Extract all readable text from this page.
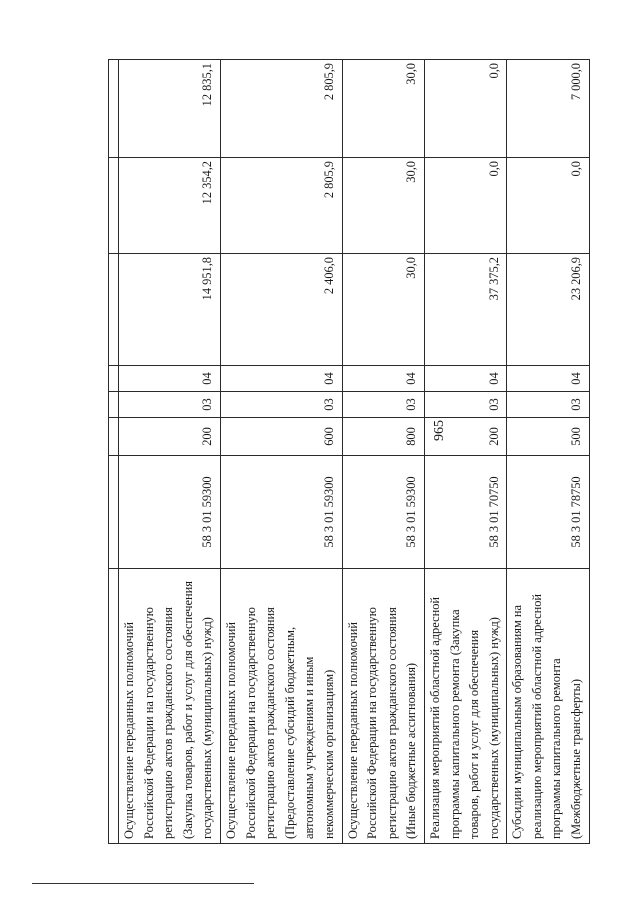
965

Осуществление переданных полномочий Российской Федерации на государственную регистрацию актов гражданского состояния (Закупка товаров, работ и услуг для обеспечения государственных (муниципальных) нужд)	58 3 01 59300	200	03	04	14 951,8	12 354,2	12 835,1
Осуществление переданных полномочий Российской Федерации на государственную регистрацию актов гражданского состояния (Предоставление субсидий бюджетным, автономным учреждениям и иным некоммерческим организациям)	58 3 01 59300	600	03	04	2 406,0	2 805,9	2 805,9
Осуществление переданных полномочий Российской Федерации на государственную регистрацию актов гражданского состояния (Иные бюджетные ассигнования)	58 3 01 59300	800	03	04	30,0	30,0	30,0
Реализация мероприятий областной адресной программы капитального ремонта (Закупка товаров, работ и услуг для обеспечения государственных (муниципальных) нужд)	58 3 01 70750	200	03	04	37 375,2	0,0	0,0
Субсидии муниципальным образованиям на реализацию мероприятий областной адресной программы капитального ремонта (Межбюджетные трансферты)	58 3 01 78750	500	03	04	23 206,9	0,0	7 000,0
